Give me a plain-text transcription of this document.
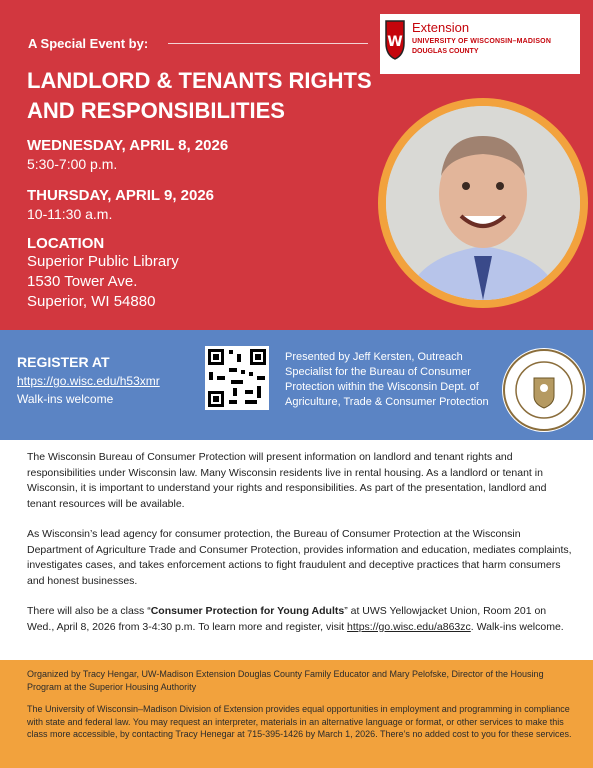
A Special Event by:	W
Extension
UNIVERSITY OF WISCONSIN–MADISON
DOUGLAS COUNTY
LANDLORD & TENANTS RIGHTS
AND RESPONSIBILITIES
WEDNESDAY, APRIL 8, 2026
5:30-7:00 p.m.
THURSDAY, APRIL 9, 2026
10-11:30 a.m.
LOCATION
Superior Public Library
1530 Tower Ave.
Superior, WI 54880
REGISTER AT
https://go.wisc.edu/h53xmr
Walk-ins welcome
Presented by Jeff Kersten, Outreach Specialist for the Bureau of Consumer Protection within the Wisconsin Dept. of Agriculture, Trade & Consumer Protection

The Wisconsin Bureau of Consumer Protection will present information on landlord and tenant rights and responsibilities under Wisconsin law. Many Wisconsin residents live in rental housing. As a landlord or tenant in Wisconsin, it is important to understand your rights and responsibilities. As part of the presentation, landlord and tenant resources will be available.

As Wisconsin’s lead agency for consumer protection, the Bureau of Consumer Protection at the Wisconsin Department of Agriculture Trade and Consumer Protection, provides information and education, mediates complaints, investigates cases, and takes enforcement actions to fight fraudulent and deceptive practices that harm consumers and honest businesses.

There will also be a class “Consumer Protection for Young Adults” at UWS Yellowjacket Union, Room 201 on Wed., April 8, 2026 from 3-4:30 p.m. To learn more and register, visit https://go.wisc.edu/a863zc. Walk-ins welcome.

Organized by Tracy Hengar, UW-Madison Extension Douglas County Family Educator and Mary Pelofske, Director of the Housing Program at the Superior Housing Authority

The University of Wisconsin–Madison Division of Extension provides equal opportunities in employment and programming in compliance with state and federal law. You may request an interpreter, materials in an alternative language or format, or other services to make this class more accessible, by contacting Tracy Henegar at 715-395-1426 by March 1, 2026. There’s no added cost to you for these services.
